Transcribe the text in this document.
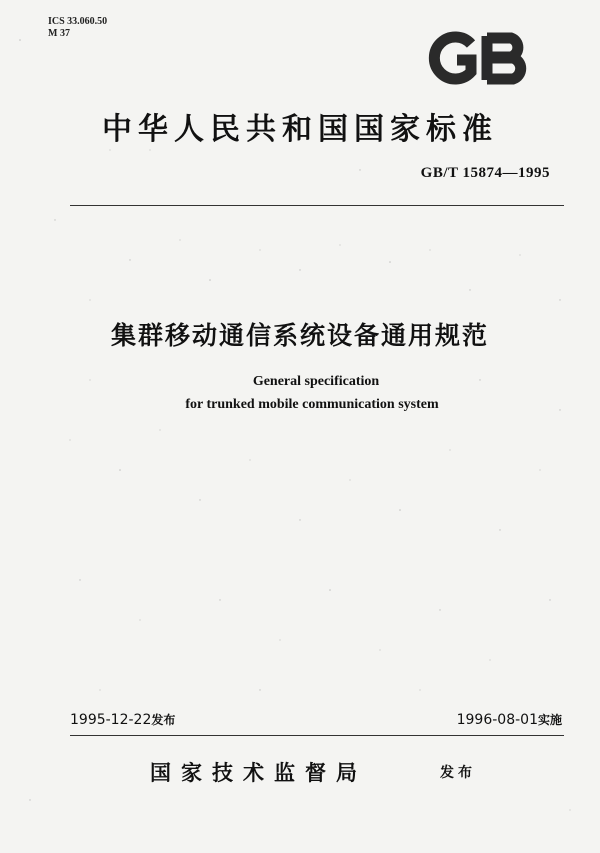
ICS 33.060.50
M 37
中华人民共和国国家标准
GB/T 15874—1995
集群移动通信系统设备通用规范
General specification
for trunked mobile communication system
1995-12-22发布	1996-08-01实施
国家技术监督局	发布
